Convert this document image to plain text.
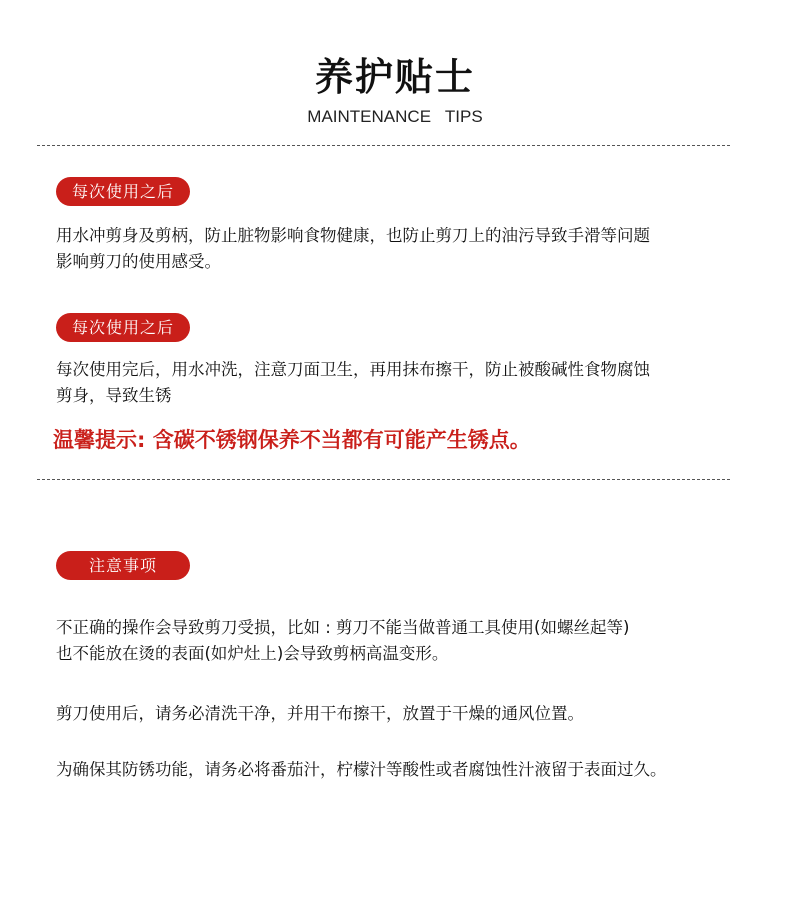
养护贴士
MAINTENANCE   TIPS
每次使用之后
用水冲剪身及剪柄，防止脏物影响食物健康，也防止剪刀上的油污导致手滑等问题
影响剪刀的使用感受。
每次使用之后
每次使用完后，用水冲洗，注意刀面卫生，再用抹布擦干，防止被酸碱性食物腐蚀
剪身，导致生锈
温馨提示: 含碳不锈钢保养不当都有可能产生锈点。
注意事项
不正确的操作会导致剪刀受损，比如 : 剪刀不能当做普通工具使用(如螺丝起等)
也不能放在烫的表面(如炉灶上)会导致剪柄高温变形。
剪刀使用后，请务必清洗干净，并用干布擦干，放置于干燥的通风位置。
为确保其防锈功能，请务必将番茄汁，柠檬汁等酸性或者腐蚀性汁液留于表面过久。
